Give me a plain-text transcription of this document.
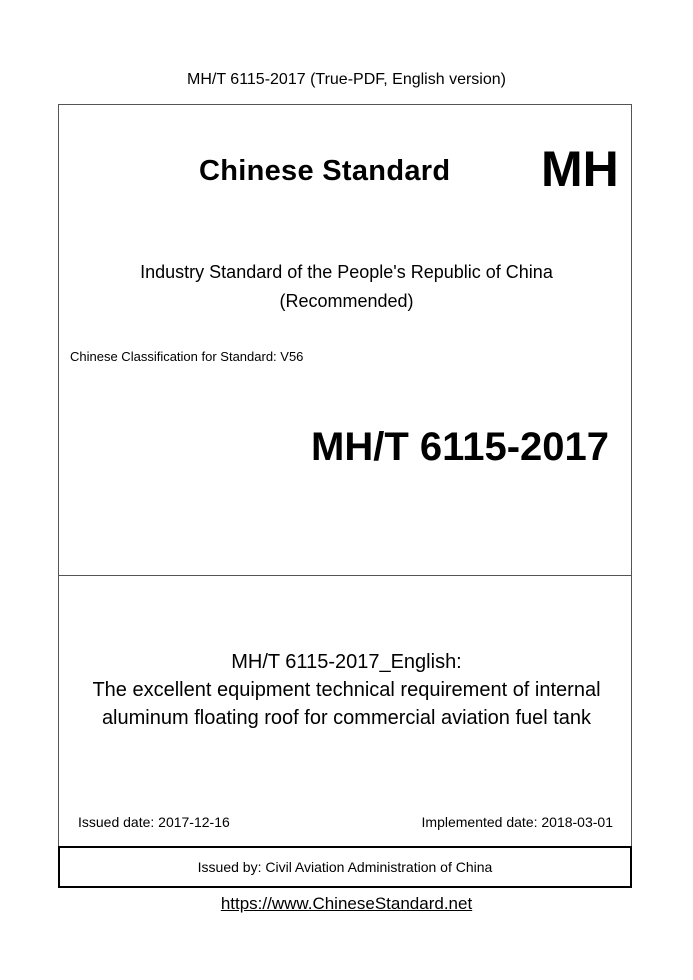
MH/T 6115-2017 (True-PDF, English version)
Chinese Standard MH
Industry Standard of the People's Republic of China
(Recommended)
Chinese Classification for Standard: V56
MH/T 6115-2017
MH/T 6115-2017_English:
The excellent equipment technical requirement of internal
aluminum floating roof for commercial aviation fuel tank
Issued date: 2017-12-16	Implemented date: 2018-03-01
Issued by: Civil Aviation Administration of China
https://www.ChineseStandard.net
